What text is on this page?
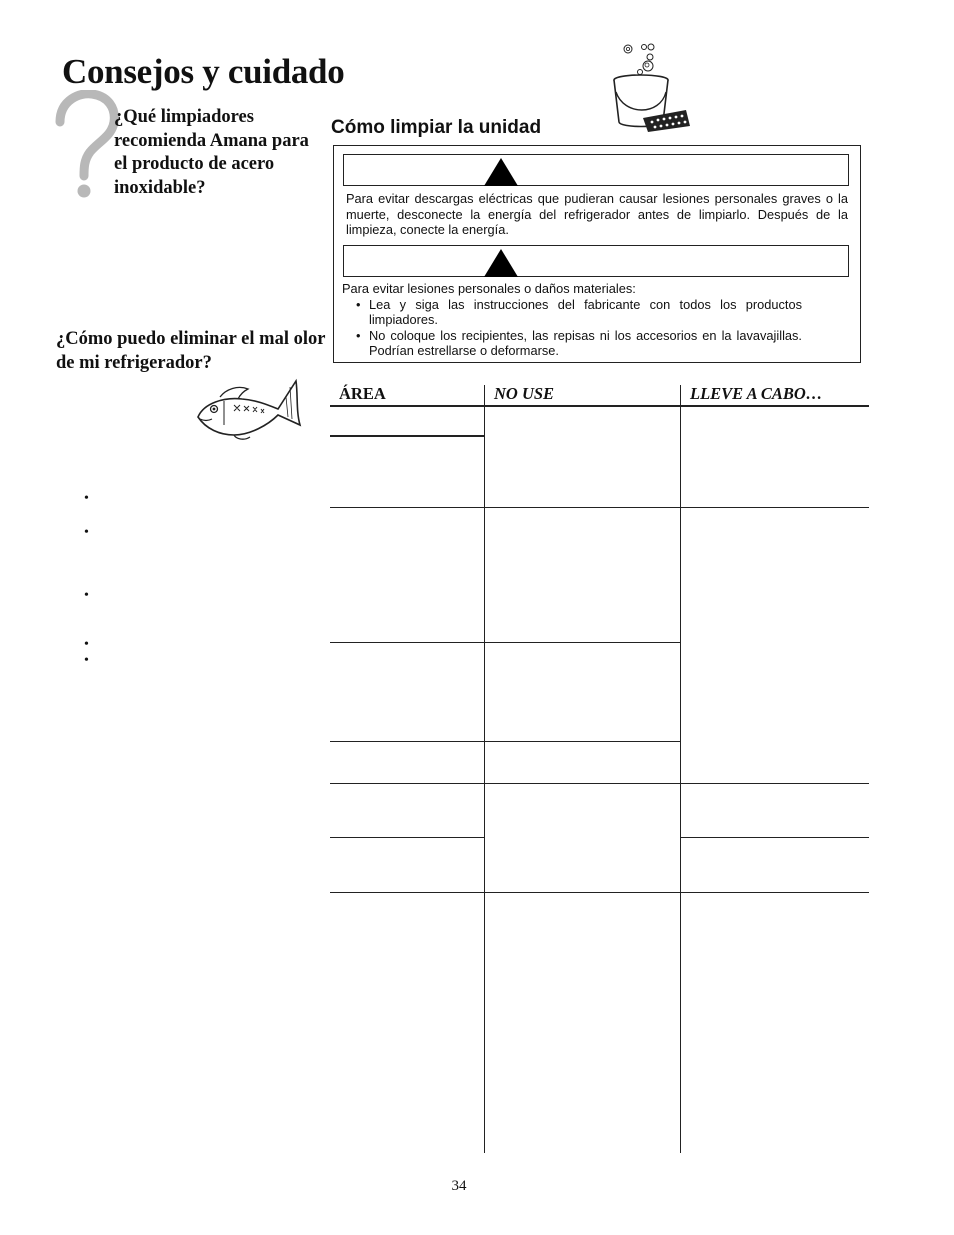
Consejos y cuidado
¿Qué limpiadores recomienda Amana para el producto de acero inoxidable?
¿Cómo puedo eliminar el mal olor de mi refrigerador?
•
•
•
•
•
Cómo limpiar la unidad
Para evitar descargas eléctricas que pudieran causar lesiones personales graves o la muerte, desconecte la energía del refrigerador antes de limpiarlo. Después de la limpieza, conecte la energía.
Para evitar lesiones personales o daños materiales:
• Lea y siga las instrucciones del fabricante con todos los productos limpiadores.
• No coloque los recipientes, las repisas ni los accesorios en la lavavajillas. Podrían estrellarse o deformarse.
ÁREA	NO USE	LLEVE A CABO…
34
